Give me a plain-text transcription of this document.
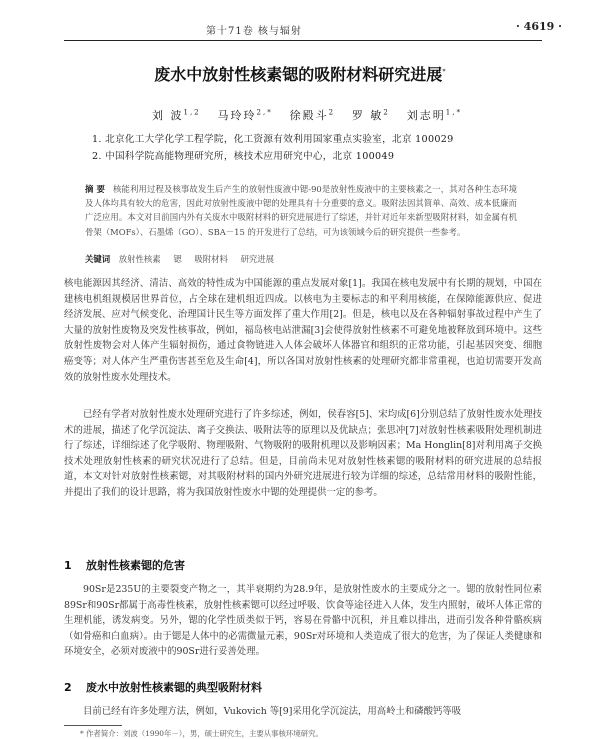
第十71卷 核与辐射	· 4619 ·
废水中放射性核素锶的吸附材料研究进展*
刘 波$^{1,2}$ 马玲玲$^{2,*}$ 徐殿斗$^2$ 罗 敏$^2$ 刘志明$^{1,*}$
1. 北京化工大学化学工程学院，化工资源有效利用国家重点实验室，北京 100029
2. 中国科学院高能物理研究所，核技术应用研究中心，北京 100049
摘 要 核能利用过程及核事故发生后产生的放射性废液中锶-90是放射性废液中的主要核素之一，其对各种生态环境及人体均具有较大的危害，因此对放射性废液中锶的处理具有十分重要的意义。吸附法因其简单、高效、成本低廉而广泛应用。本文对目前国内外有关废水中吸附材料的研究进展进行了综述，并针对近年来新型吸附材料，如金属有机骨架（MOFs）、石墨烯（GO）、SBA－15 的开发进行了总结，可为该领域今后的研究提供一些参考。
关键词 放射性核素 锶 吸附材料 研究进展
核电能源因其经济、清洁、高效的特性成为中国能源的重点发展对象[1]。我国在核电发展中有长期的规划，中国在建核电机组规模居世界首位，占全球在建机组近四成。以核电为主要标志的和平利用核能，在保障能源供应、促进经济发展、应对气候变化、治理国计民生等方面发挥了重大作用[2]。但是，核电以及在各种辐射事故过程中产生了大量的放射性废物及突发性核事故，例如，福岛核电站泄漏[3]会使得放射性核素不可避免地被释放到环境中。这些放射性废物会对人体产生辐射损伤，通过食物链进入人体会破坏人体器官和组织的正常功能，引起基因突变、细胞癌变等；对人体产生严重伤害甚至危及生命[4]，所以各国对放射性核素的处理研究都非常重视，也迫切需要开发高效的放射性废水处理技术。
已经有学者对放射性废水处理研究进行了许多综述，例如，侯春容[5]、宋均成[6]分别总结了放射性废水处理技术的进展，描述了化学沉淀法、离子交换法、吸附法等的原理以及优缺点；张思冲[7]对放射性核素吸附处理机制进行了综述，详细综述了化学吸附、物理吸附、气物吸附的吸附机理以及影响因素；Ma Honglin[8]对利用离子交换技术处理放射性核素的研究状况进行了总结。但是，目前尚未见对放射性核素锶的吸附材料的研究进展的总结报道，本文对针对放射性核素锶，对其吸附材料的国内外研究进展进行较为详细的综述，总结常用材料的吸附性能，并提出了我们的设计思路，将为我国放射性废水中锶的处理提供一定的参考。
1 放射性核素锶的危害
90Sr是235U的主要裂变产物之一，其半衰期约为28.9年，是放射性废水的主要成分之一。锶的放射性同位素89Sr和90Sr都属于高毒性核素，放射性核素锶可以经过呼吸、饮食等途径进入人体，发生内照射，破坏人体正常的生理机能，诱发病变。另外，锶的化学性质类似于钙，容易在骨骼中沉积，并且难以排出，进而引发各种骨骼疾病（如骨癌和白血病）。由于锶是人体中的必需微量元素，90Sr对环境和人类造成了很大的危害，为了保证人类健康和环境安全，必须对废液中的90Sr进行妥善处理。
2 废水中放射性核素锶的典型吸附材料
目前已经有许多处理方法，例如，Vukovich 等[9]采用化学沉淀法，用高岭土和磷酸钙等吸
* 作者简介：刘波（1990年－），男，硕士研究生，主要从事核环境研究。
